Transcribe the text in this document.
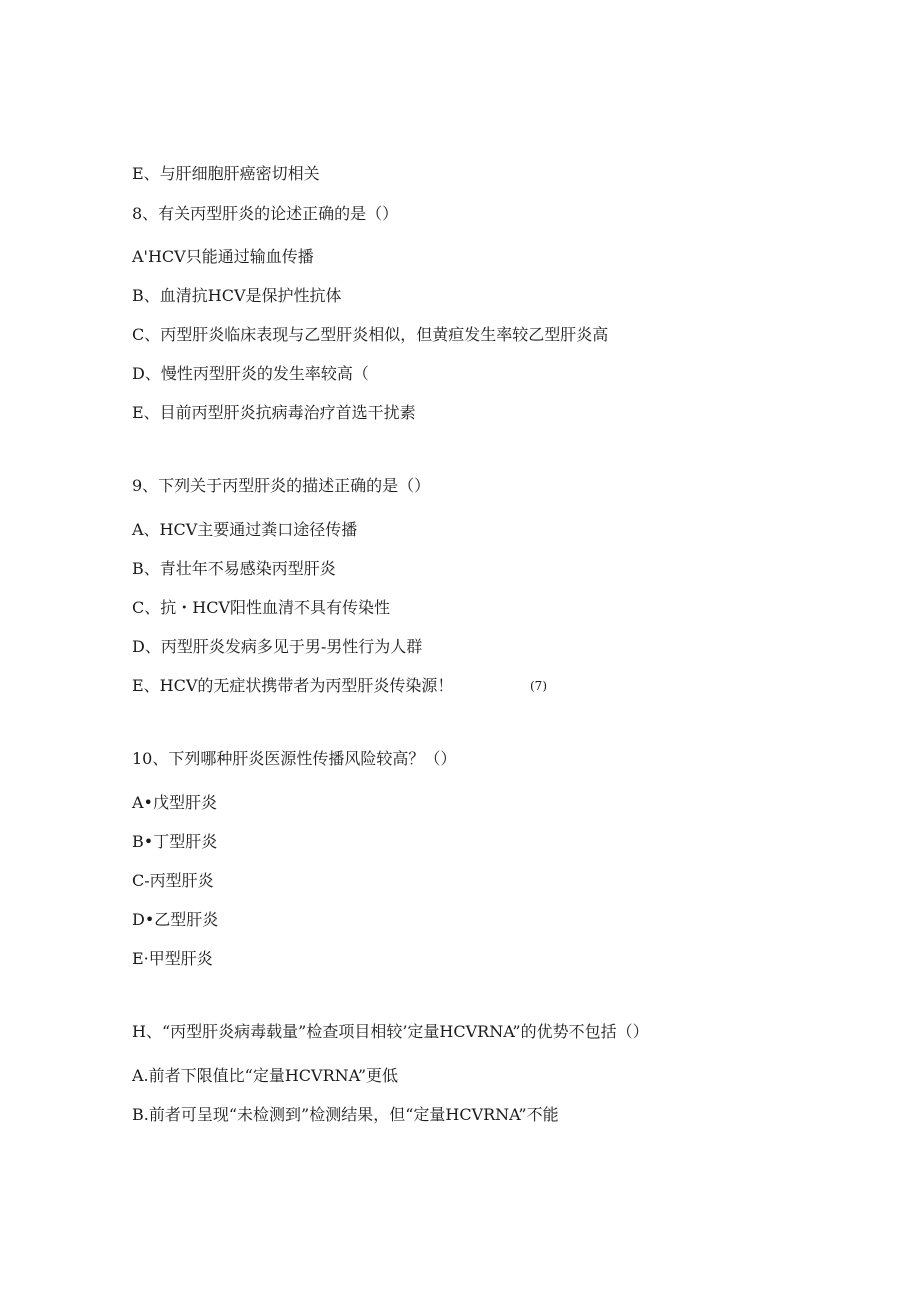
E、与肝细胞肝癌密切相关

8、有关丙型肝炎的论述正确的是（）

A'HCV只能通过输血传播

B、血清抗HCV是保护性抗体

C、丙型肝炎临床表现与乙型肝炎相似，但黄疸发生率较乙型肝炎高

D、慢性丙型肝炎的发生率较高（

E、目前丙型肝炎抗病毒治疗首选干扰素

9、下列关于丙型肝炎的描述正确的是（）

A、HCV主要通过粪口途径传播

B、青壮年不易感染丙型肝炎

C、抗・HCV阳性血清不具有传染性

D、丙型肝炎发病多见于男-男性行为人群

E、HCV的无症状携带者为丙型肝炎传染源！	(7)

10、下列哪种肝炎医源性传播风险较高？（）

A•戊型肝炎

B•丁型肝炎

C-丙型肝炎

D•乙型肝炎

E·甲型肝炎

H、“丙型肝炎病毒载量”检查项目相较’定量HCVRNA”的优势不包括（）

A.前者下限值比“定量HCVRNA”更低

B.前者可呈现“未检测到”检测结果，但“定量HCVRNA”不能
